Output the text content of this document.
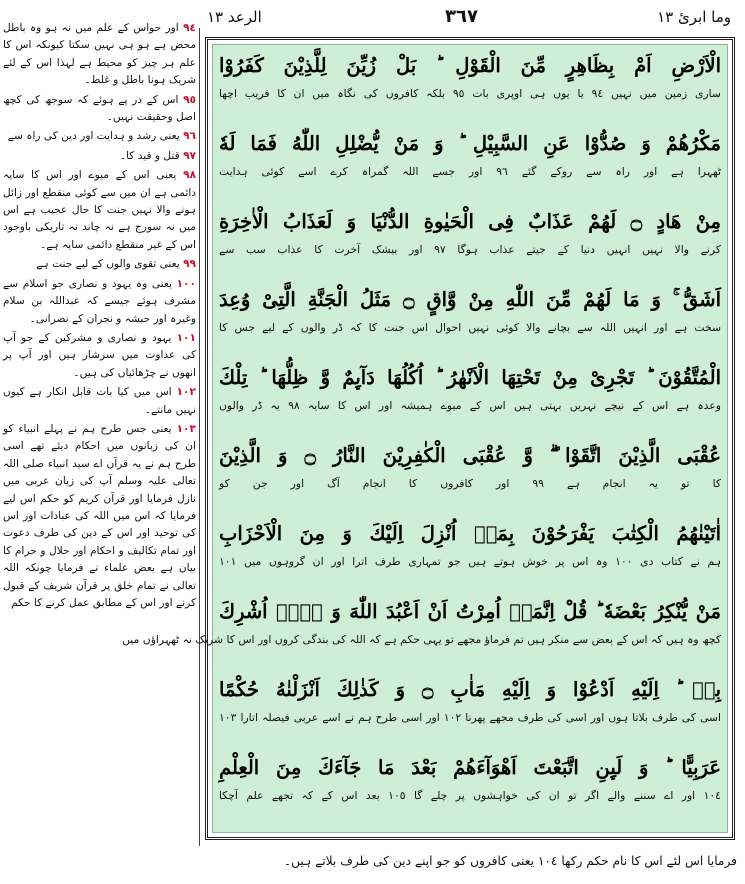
وما ابرئ ١٣
٣٦٧
الرعد ١٣

٩٤ اور حواس کے علم میں نہ ہو وہ باطل محض ہے ہو ہی نہیں سکتا کیونکہ اس کا علم ہر چیز کو محیط ہے لہذا اس کے لئے شریک ہونا باطل و غلط۔

٩٥ اس کے در پے ہوئے کہ سوجھ کی کچھ اصل وحقیقت نہیں۔

٩٦ یعنی رشد و ہدایت اور دین کی راہ سے

٩٧ قتل و قید کا۔

٩٨ یعنی اس کے میوے اور اس کا سایہ دائمی ہے ان میں سے کوئی منقطع اور زائل ہونے والا نہیں جنت کا حال عجیب ہے اس میں نہ سورج ہے نہ چاند نہ تاریکی باوجود اس کے غیر منقطع دائمی سایہ ہے۔

٩٩ یعنی تقوی والوں کے لیے جنت ہے

١٠٠ یعنی وہ یہود و نصاری جو اسلام سے مشرف ہوئے جیسے کہ عبداللہ بن سلام وغیرہ اور حبشہ و نجران کے نصرانی۔

١٠١ یہود و نصاری و مشرکین کے جو آپ کی عداوت میں سرشار ہیں اور آپ پر انھوں نے چڑھائیاں کی ہیں۔

١٠٢ اس میں کیا بات قابل انکار ہے کیوں نہیں مانتے۔

١٠٣ یعنی جس طرح ہم نے پہلے انبیاء کو ان کی زبانوں میں احکام دیئے تھے اسی طرح ہم نے یہ قرآن اے سید انبیاء صلی اللہ تعالی علیہ وسلم آپ کی زبان عربی میں نازل فرمایا اور قرآن کریم کو حکم اس لیے فرمایا کہ اس میں اللہ کی عبادات اور اس کی توحید اور اس کے دین کی طرف دعوت اور تمام تکالیف و احکام اور حلال و حرام کا بیان ہے بعض علماء نے فرمایا چونکہ اللہ تعالی نے تمام خلق پر قرآن شریف کے قبول کرنے اور اس کے مطابق عمل کرنے کا حکم

الْاَرْضِ اَمْ بِظَاهِرٍ مِّنَ الْقَوْلِ ؕ بَلْ زُیِّنَ لِلَّذِیْنَ كَفَرُوْا
ساری زمین میں نہیں ٩٤ یا یوں ہی اوپری بات ٩٥ بلکہ کافروں کی نگاہ میں ان کا فریب اچھا
مَكْرُهُمْ وَ صُدُّوْا عَنِ السَّبِیْلِ ؕ وَ مَنْ یُّضْلِلِ اللّٰهُ فَمَا لَهٗ
ٹھہرا ہے اور راہ سے روکے گئے ٩٦ اور جسے اللہ گمراہ کرے اسے کوئی ہدایت
مِنْ هَادٍ ۝ لَهُمْ عَذَابٌ فِی الْحَیٰوةِ الدُّنْیَا وَ لَعَذَابُ الْاٰخِرَةِ
کرنے والا نہیں انہیں دنیا کے جیتے عذاب ہوگا ٩٧ اور بیشک آخرت کا عذاب سب سے
اَشَقُّ ۚ وَ مَا لَهُمْ مِّنَ اللّٰهِ مِنْ وَّاقٍ ۝ مَثَلُ الْجَنَّةِ الَّتِیْ وُعِدَ
سخت ہے اور انہیں اللہ سے بچانے والا کوئی نہیں احوال اس جنت کا کہ ڈر والوں کے لیے جس کا
الْمُتَّقُوْنَ ؕ تَجْرِیْ مِنْ تَحْتِهَا الْاَنْهٰرُ ؕ اُكُلُهَا دَآىِٕمٌ وَّ ظِلُّهَا ؕ تِلْكَ
وعدہ ہے اس کے نیچے نہریں بہتی ہیں اس کے میوے ہمیشہ اور اس کا سایہ ٩٨ یہ ڈر والوں
عُقْبَى الَّذِیْنَ اتَّقَوْا ۖۗ وَّ عُقْبَى الْكٰفِرِیْنَ النَّارُ ۝ وَ الَّذِیْنَ
کا تو یہ انجام ہے ٩٩ اور کافروں کا انجام آگ اور جن کو
اٰتَیْنٰهُمُ الْكِتٰبَ یَفْرَحُوْنَ بِمَاۤ اُنْزِلَ اِلَیْكَ وَ مِنَ الْاَحْزَابِ
ہم نے کتاب دی ١٠٠ وہ اس پر خوش ہوتے ہیں جو تمہاری طرف اترا اور ان گروہوں میں ١٠١
مَنْ یُّنْكِرُ بَعْضَهٗ ؕ قُلْ اِنَّمَاۤ اُمِرْتُ اَنْ اَعْبُدَ اللّٰهَ وَ لَاۤ اُشْرِكَ
کچھ وہ ہیں کہ اس کے بعض سے منکر ہیں تم فرماؤ مجھے تو یہی حکم ہے کہ اللہ کی بندگی کروں اور اس کا شریک نہ ٹھہراؤں میں
بِهٖ ؕ اِلَیْهِ اَدْعُوْا وَ اِلَیْهِ مَاٰبِ ۝ وَ كَذٰلِكَ اَنْزَلْنٰهُ حُكْمًا
اسی کی طرف بلاتا ہوں اور اسی کی طرف مجھے پھرنا ١٠٢ اور اسی طرح ہم نے اسے عربی فیصلہ اتارا ١٠٣
عَرَبِیًّا ؕ وَ لَىِٕنِ اتَّبَعْتَ اَهْوَآءَهُمْ بَعْدَ مَا جَآءَكَ مِنَ الْعِلْمِ
١٠٤ اور اے سننے والے اگر تو ان کی خواہشوں پر چلے گا ١٠٥ بعد اس کے کہ تجھے علم آچکا
فرمایا اس لئے اس کا نام حکم رکھا ١٠٤ یعنی کافروں کو جو اپنے دین کی طرف بلاتے ہیں۔
